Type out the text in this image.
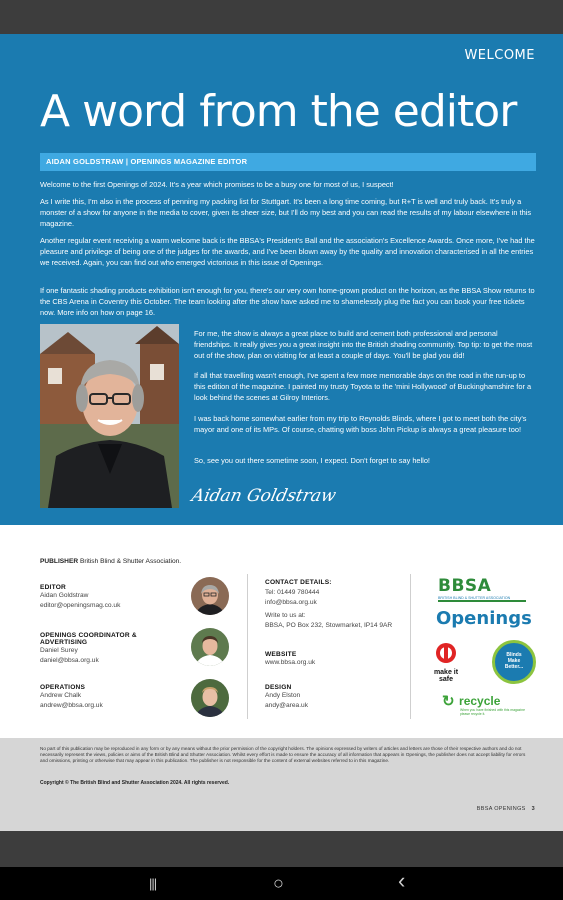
WELCOME
A word from the editor
AIDAN GOLDSTRAW | OPENINGS MAGAZINE EDITOR

Welcome to the first Openings of 2024. It's a year which promises to be a busy one for most of us, I suspect!

As I write this, I'm also in the process of penning my packing list for Stuttgart. It's been a long time coming, but R+T is well and truly back. It's truly a monster of a show for anyone in the media to cover, given its sheer size, but I'll do my best and you can read the results of my labour elsewhere in this magazine.

Another regular event receiving a warm welcome back is the BBSA's President's Ball and the association's Excellence Awards. Once more, I've had the pleasure and privilege of being one of the judges for the awards, and I've been blown away by the quality and innovation characterised in all the entries we received. Again, you can find out who emerged victorious in this issue of Openings.

If one fantastic shading products exhibition isn't enough for you, there's our very own home-grown product on the horizon, as the BBSA Show returns to the CBS Arena in Coventry this October. The team looking after the show have asked me to shamelessly plug the fact you can book your free tickets now. More info on how on page 16.

For me, the show is always a great place to build and cement both professional and personal friendships. It really gives you a great insight into the British shading community. Top tip: to get the most out of the show, plan on visiting for at least a couple of days. You'll be glad you did!

If all that travelling wasn't enough, I've spent a few more memorable days on the road in the run-up to this edition of the magazine. I painted my trusty Toyota to the 'mini Hollywood' of Buckinghamshire for a look behind the scenes at Gilroy Interiors.

I was back home somewhat earlier from my trip to Reynolds Blinds, where I got to meet both the city's mayor and one of its MPs. Of course, chatting with boss John Pickup is always a great pleasure too!

So, see you out there sometime soon, I expect. Don't forget to say hello!

Aidan Goldstraw
PUBLISHER British Blind & Shutter Association.
EDITOR
Aidan Goldstraw
editor@openingsmag.co.uk
OPENINGS COORDINATOR & ADVERTISING
Daniel Surey
daniel@bbsa.org.uk
OPERATIONS
Andrew Chalk
andrew@bbsa.org.uk
CONTACT DETAILS:
Tel: 01449 780444
info@bbsa.org.uk
Write to us at:
BBSA, PO Box 232, Stowmarket, IP14 9AR
WEBSITE
www.bbsa.org.uk
DESIGN
Andy Elston
andy@area.uk
BBSA
BRITISH BLIND & SHUTTER ASSOCIATION
Openings
make it
safe
Blinds
Make
Better...
↻ recycle
When you have finished with this magazine please recycle it.

No part of this publication may be reproduced in any form or by any means without the prior permission of the copyright holders. The opinions expressed by writers of articles and letters are those of their respective authors and do not necessarily represent the views, policies or aims of the British Blind and Shutter Association. Whilst every effort is made to ensure the accuracy of all information that appears in Openings, the publisher does not accept liability for errors and omissions, printing or otherwise that may appear in this publication. The publisher is not responsible for the content of external websites referred to in this magazine.

Copyright © The British Blind and Shutter Association 2024. All rights reserved.

BBSA OPENINGS 3
|||	○	‹
